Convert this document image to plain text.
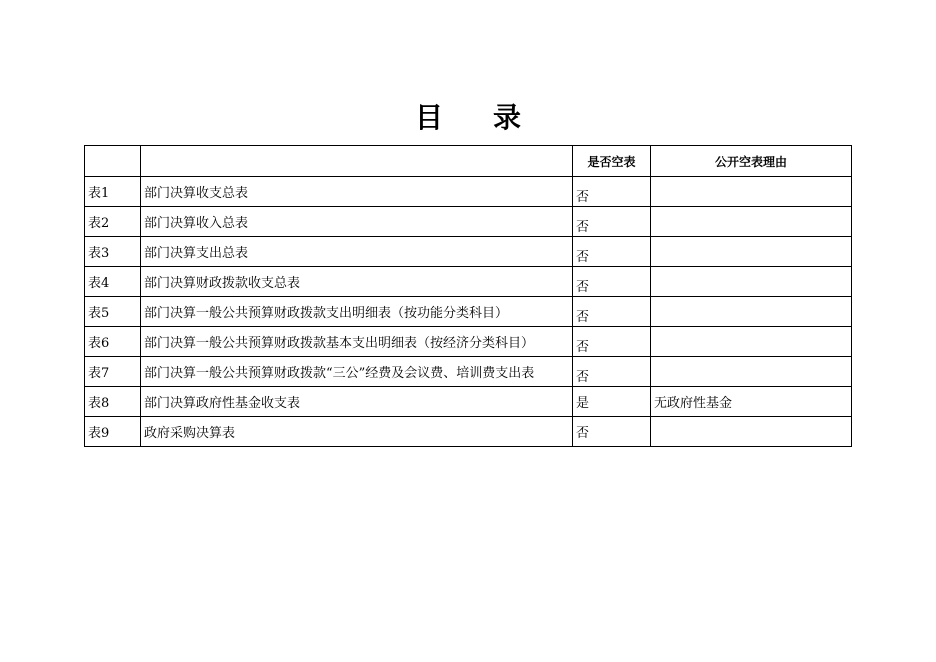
目 录
		是否空表	公开空表理由
表1	部门决算收支总表	否	
表2	部门决算收入总表	否	
表3	部门决算支出总表	否	
表4	部门决算财政拨款收支总表	否	
表5	部门决算一般公共预算财政拨款支出明细表（按功能分类科目）	否	
表6	部门决算一般公共预算财政拨款基本支出明细表（按经济分类科目）	否	
表7	部门决算一般公共预算财政拨款“三公”经费及会议费、培训费支出表	否	
表8	部门决算政府性基金收支表	是	无政府性基金
表9	政府采购决算表	否	
